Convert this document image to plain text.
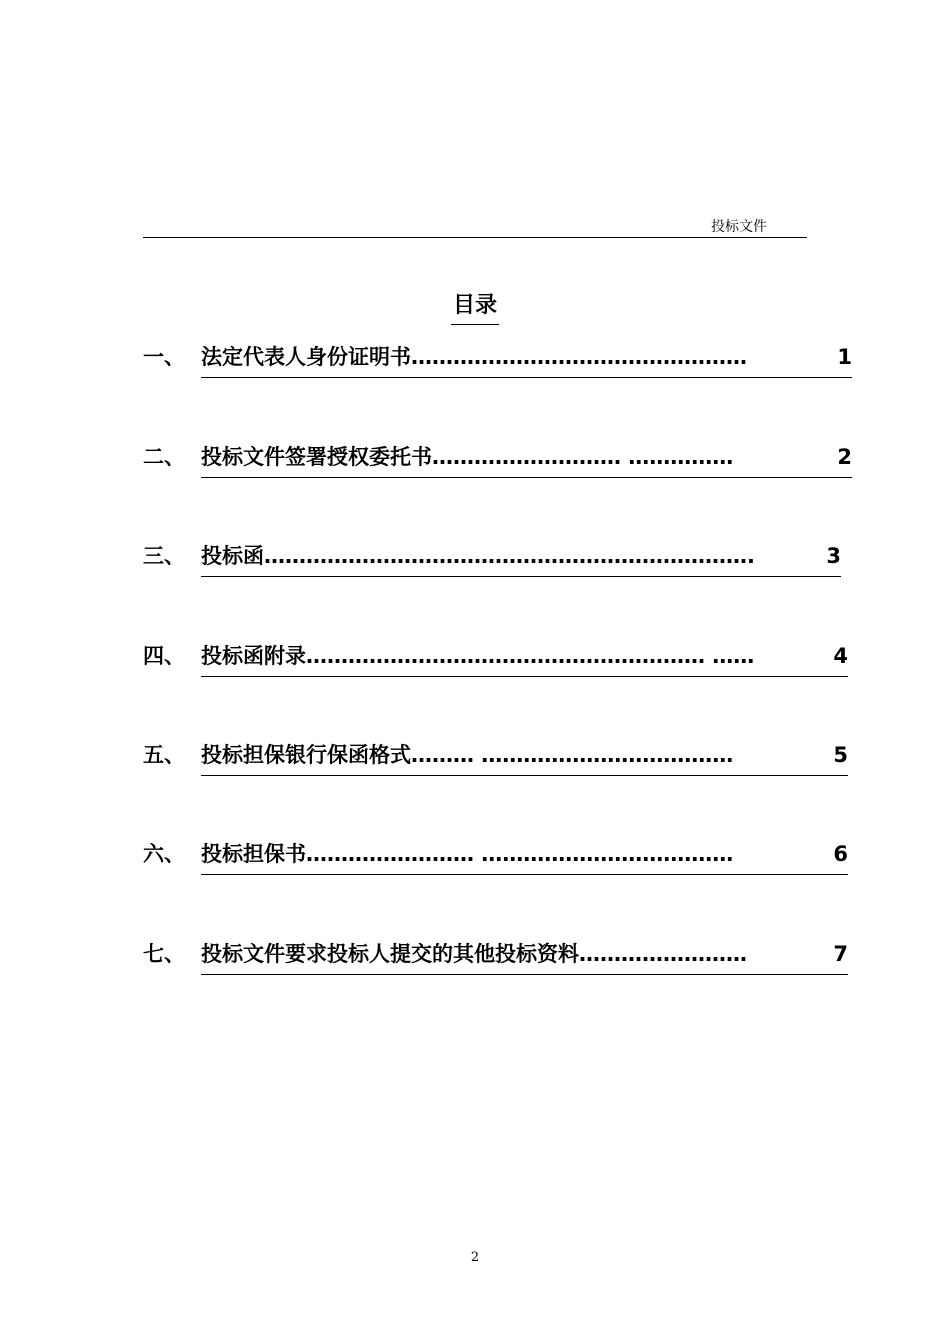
投标文件
目录
一、 法定代表人身份证明书…………………………………………	1
二、 投标文件签署授权委托书……………………… ……………	2
三、 投标函…………………………………………………………….	3
四、 投标函附录………………………………………………… ……	4
五、 投标担保银行保函格式……… ………………………………	5
六、 投标担保书…………………… ………………………………	6
七、 投标文件要求投标人提交的其他投标资料……………………	7
2
